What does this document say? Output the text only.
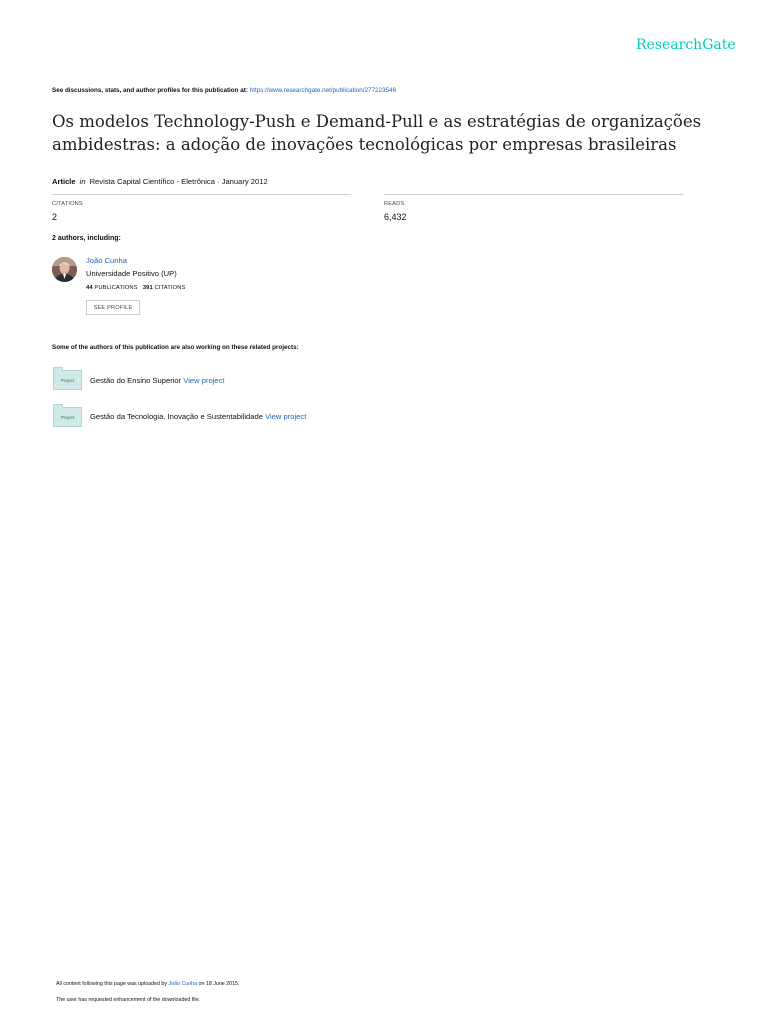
ResearchGate
See discussions, stats, and author profiles for this publication at: https://www.researchgate.net/publication/277223546
Os modelos Technology-Push e Demand-Pull e as estratégias de organizações ambidestras: a adoção de inovações tecnológicas por empresas brasileiras
Article in Revista Capital Científico - Eletrônica · January 2012
CITATIONS
2
READS
6,432
2 authors, including:
João Cunha
Universidade Positivo (UP)
44 PUBLICATIONS 391 CITATIONS
SEE PROFILE
Some of the authors of this publication are also working on these related projects:
Project	Gestão do Ensino Superior View project
Project	Gestão da Tecnologia, Inovação e Sustentabilidade View project
All content following this page was uploaded by João Cunha on 18 June 2015.
The user has requested enhancement of the downloaded file.
